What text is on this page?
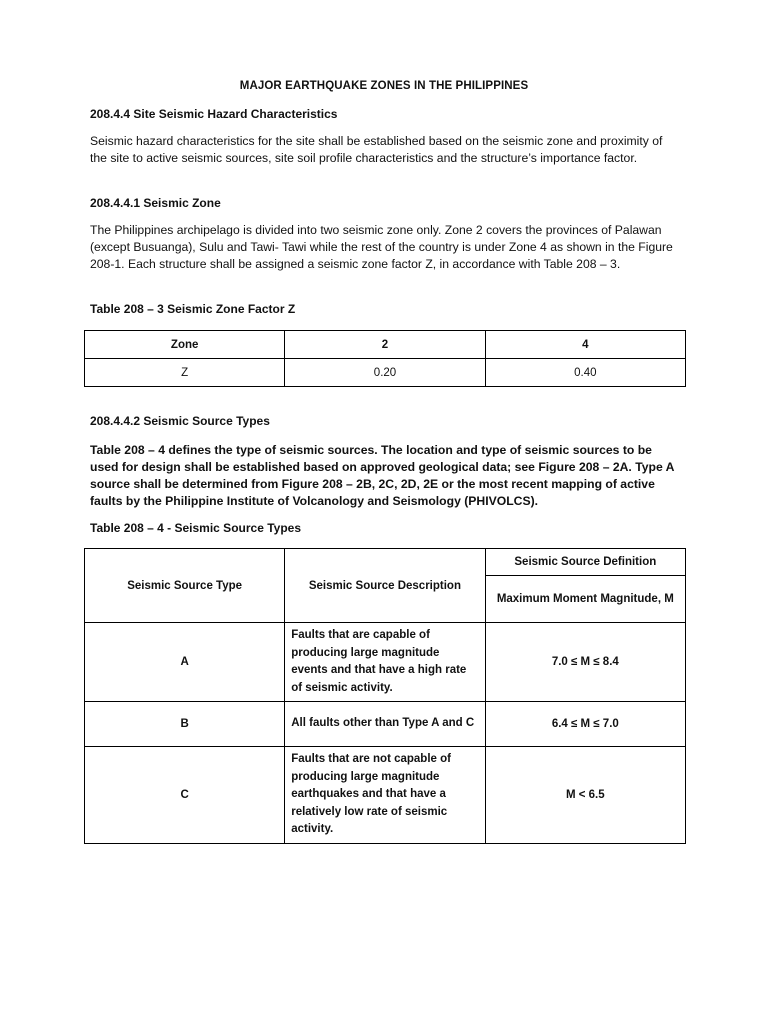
MAJOR EARTHQUAKE ZONES IN THE PHILIPPINES
208.4.4 Site Seismic Hazard Characteristics
Seismic hazard characteristics for the site shall be established based on the seismic zone and proximity of the site to active seismic sources, site soil profile characteristics and the structure’s importance factor.
208.4.4.1 Seismic Zone
The Philippines archipelago is divided into two seismic zone only. Zone 2 covers the provinces of Palawan (except Busuanga), Sulu and Tawi- Tawi while the rest of the country is under Zone 4 as shown in the Figure 208-1. Each structure shall be assigned a seismic zone factor Z, in accordance with Table 208 – 3.
Table 208 – 3 Seismic Zone Factor Z
Zone	2	4
Z	0.20	0.40
208.4.4.2 Seismic Source Types
Table 208 – 4 defines the type of seismic sources. The location and type of seismic sources to be used for design shall be established based on approved geological data; see Figure 208 – 2A. Type A source shall be determined from Figure 208 – 2B, 2C, 2D, 2E or the most recent mapping of active faults by the Philippine Institute of Volcanology and Seismology (PHIVOLCS).
Table 208 – 4 - Seismic Source Types
Seismic Source Type	Seismic Source Description	Seismic Source Definition
		Maximum Moment Magnitude, M
A	Faults that are capable of producing large magnitude events and that have a high rate of seismic activity.	7.0 ≤ M ≤ 8.4
B	All faults other than Type A and C	6.4 ≤ M ≤ 7.0
C	Faults that are not capable of producing large magnitude earthquakes and that have a relatively low rate of seismic activity.	M < 6.5
